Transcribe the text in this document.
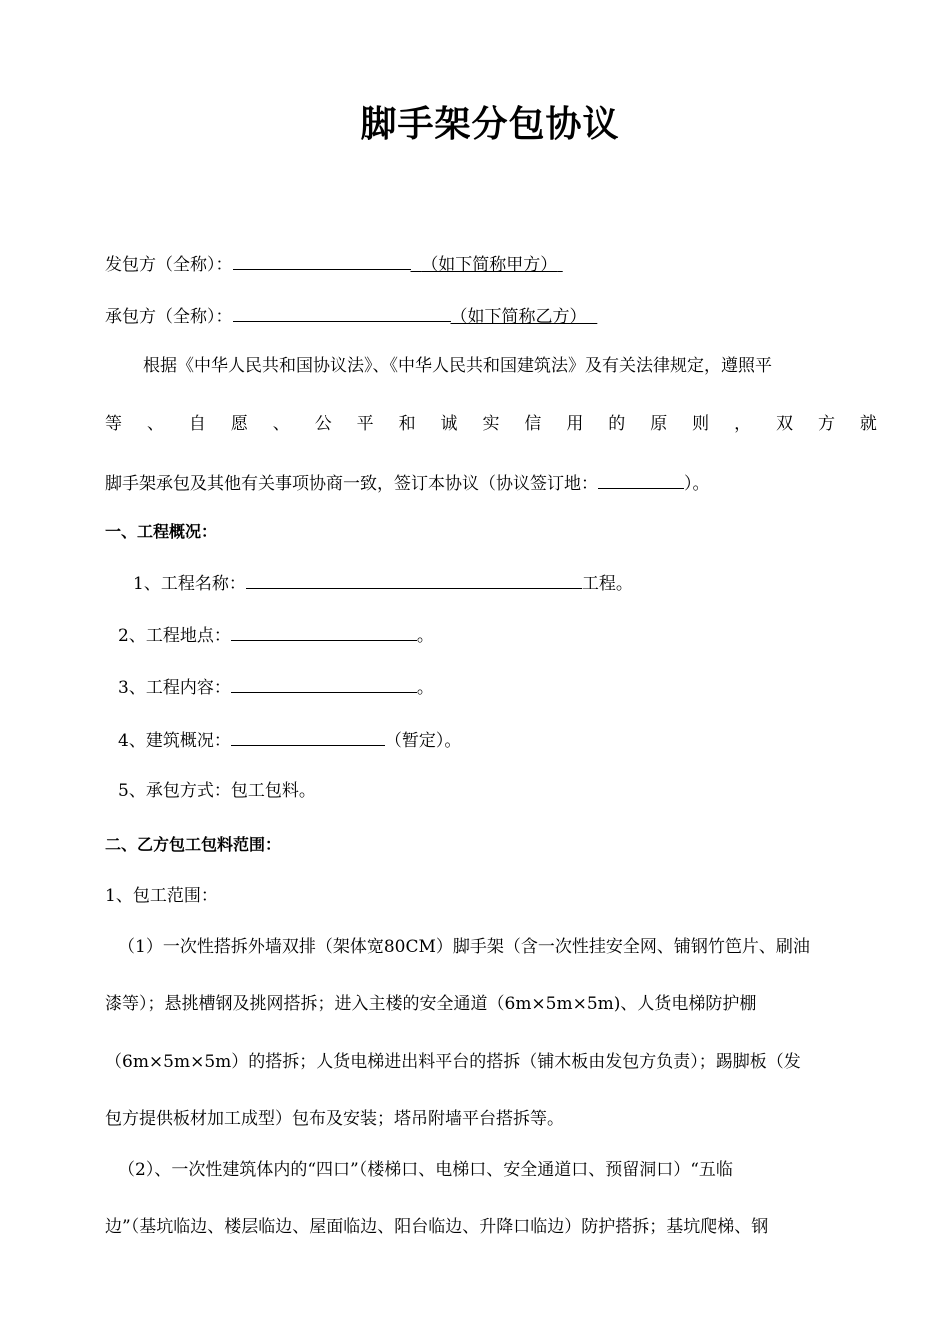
脚手架分包协议
发包方（全称）：	（如下简称甲方）
承包方（全称）：	（如下简称乙方）
根据《中华人民共和国协议法》、《中华人民共和国建筑法》及有关法律规定，遵照平
等 、 自 愿 、 公 平 和 诚 实 信 用 的 原 则 ， 双 方 就
脚手架承包及其他有关事项协商一致，签订本协议（协议签订地：	）。
一、工程概况：
1、工程名称：	工程。
2、工程地点：	。
3、工程内容：	。
4、建筑概况：	（暂定）。
5、承包方式：包工包料。
二、乙方包工包料范围：
1、包工范围：
（1）一次性搭拆外墙双排（架体宽80CM）脚手架（含一次性挂安全网、铺钢竹笆片、刷油
漆等）；悬挑槽钢及挑网搭拆；进入主楼的安全通道（6m×5m×5m)、人货电梯防护棚
（6m×5m×5m）的搭拆；人货电梯进出料平台的搭拆（铺木板由发包方负责）；踢脚板（发
包方提供板材加工成型）包布及安装；塔吊附墙平台搭拆等。
（2）、一次性建筑体内的“四口”（楼梯口、电梯口、安全通道口、预留洞口）“五临
边”（基坑临边、楼层临边、屋面临边、阳台临边、升降口临边）防护搭拆；基坑爬梯、钢
